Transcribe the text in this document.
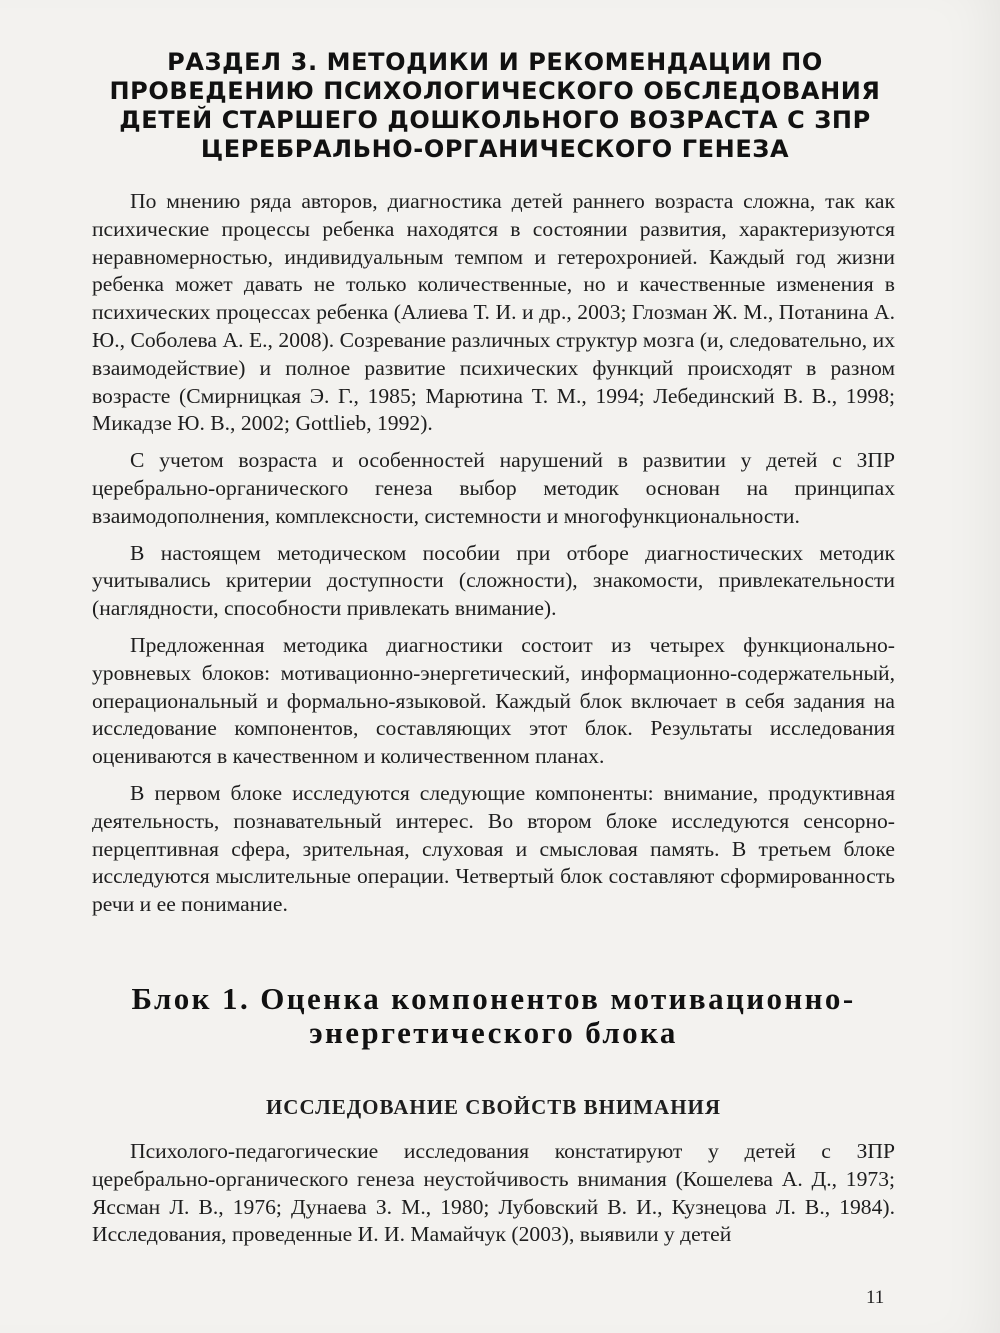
РАЗДЕЛ 3. МЕТОДИКИ И РЕКОМЕНДАЦИИ ПО ПРОВЕДЕНИЮ ПСИХОЛОГИЧЕСКОГО ОБСЛЕДОВАНИЯ ДЕТЕЙ СТАРШЕГО ДОШКОЛЬНОГО ВОЗРАСТА С ЗПР ЦЕРЕБРАЛЬНО-ОРГАНИЧЕСКОГО ГЕНЕЗА

По мнению ряда авторов, диагностика детей раннего возраста сложна, так как психические процессы ребенка находятся в состоянии развития, характеризуются неравномерностью, индивидуальным темпом и гетерохронией. Каждый год жизни ребенка может давать не только количественные, но и качественные изменения в психических процессах ребенка (Алиева Т. И. и др., 2003; Глозман Ж. М., Потанина А. Ю., Соболева А. Е., 2008). Созревание различных структур мозга (и, следовательно, их взаимодействие) и полное развитие психических функций происходят в разном возрасте (Смирницкая Э. Г., 1985; Марютина Т. М., 1994; Лебединский В. В., 1998; Микадзе Ю. В., 2002; Gottlieb, 1992).

С учетом возраста и особенностей нарушений в развитии у детей с ЗПР церебрально-органического генеза выбор методик основан на принципах взаимодополнения, комплексности, системности и многофункциональности.

В настоящем методическом пособии при отборе диагностических методик учитывались критерии доступности (сложности), знакомости, привлекательности (наглядности, способности привлекать внимание).

Предложенная методика диагностики состоит из четырех функционально-уровневых блоков: мотивационно-энергетический, информационно-содержательный, операциональный и формально-языковой. Каждый блок включает в себя задания на исследование компонентов, составляющих этот блок. Результаты исследования оцениваются в качественном и количественном планах.

В первом блоке исследуются следующие компоненты: внимание, продуктивная деятельность, познавательный интерес. Во втором блоке исследуются сенсорно-перцептивная сфера, зрительная, слуховая и смысловая память. В третьем блоке исследуются мыслительные операции. Четвертый блок составляют сформированность речи и ее понимание.

Блок 1. Оценка компонентов мотивационно-энергетического блока
ИССЛЕДОВАНИЕ СВОЙСТВ ВНИМАНИЯ

Психолого-педагогические исследования констатируют у детей с ЗПР церебрально-органического генеза неустойчивость внимания (Кошелева А. Д., 1973; Яссман Л. В., 1976; Дунаева З. М., 1980; Лубовский В. И., Кузнецова Л. В., 1984). Исследования, проведенные И. И. Мамайчук (2003), выявили у детей

11
